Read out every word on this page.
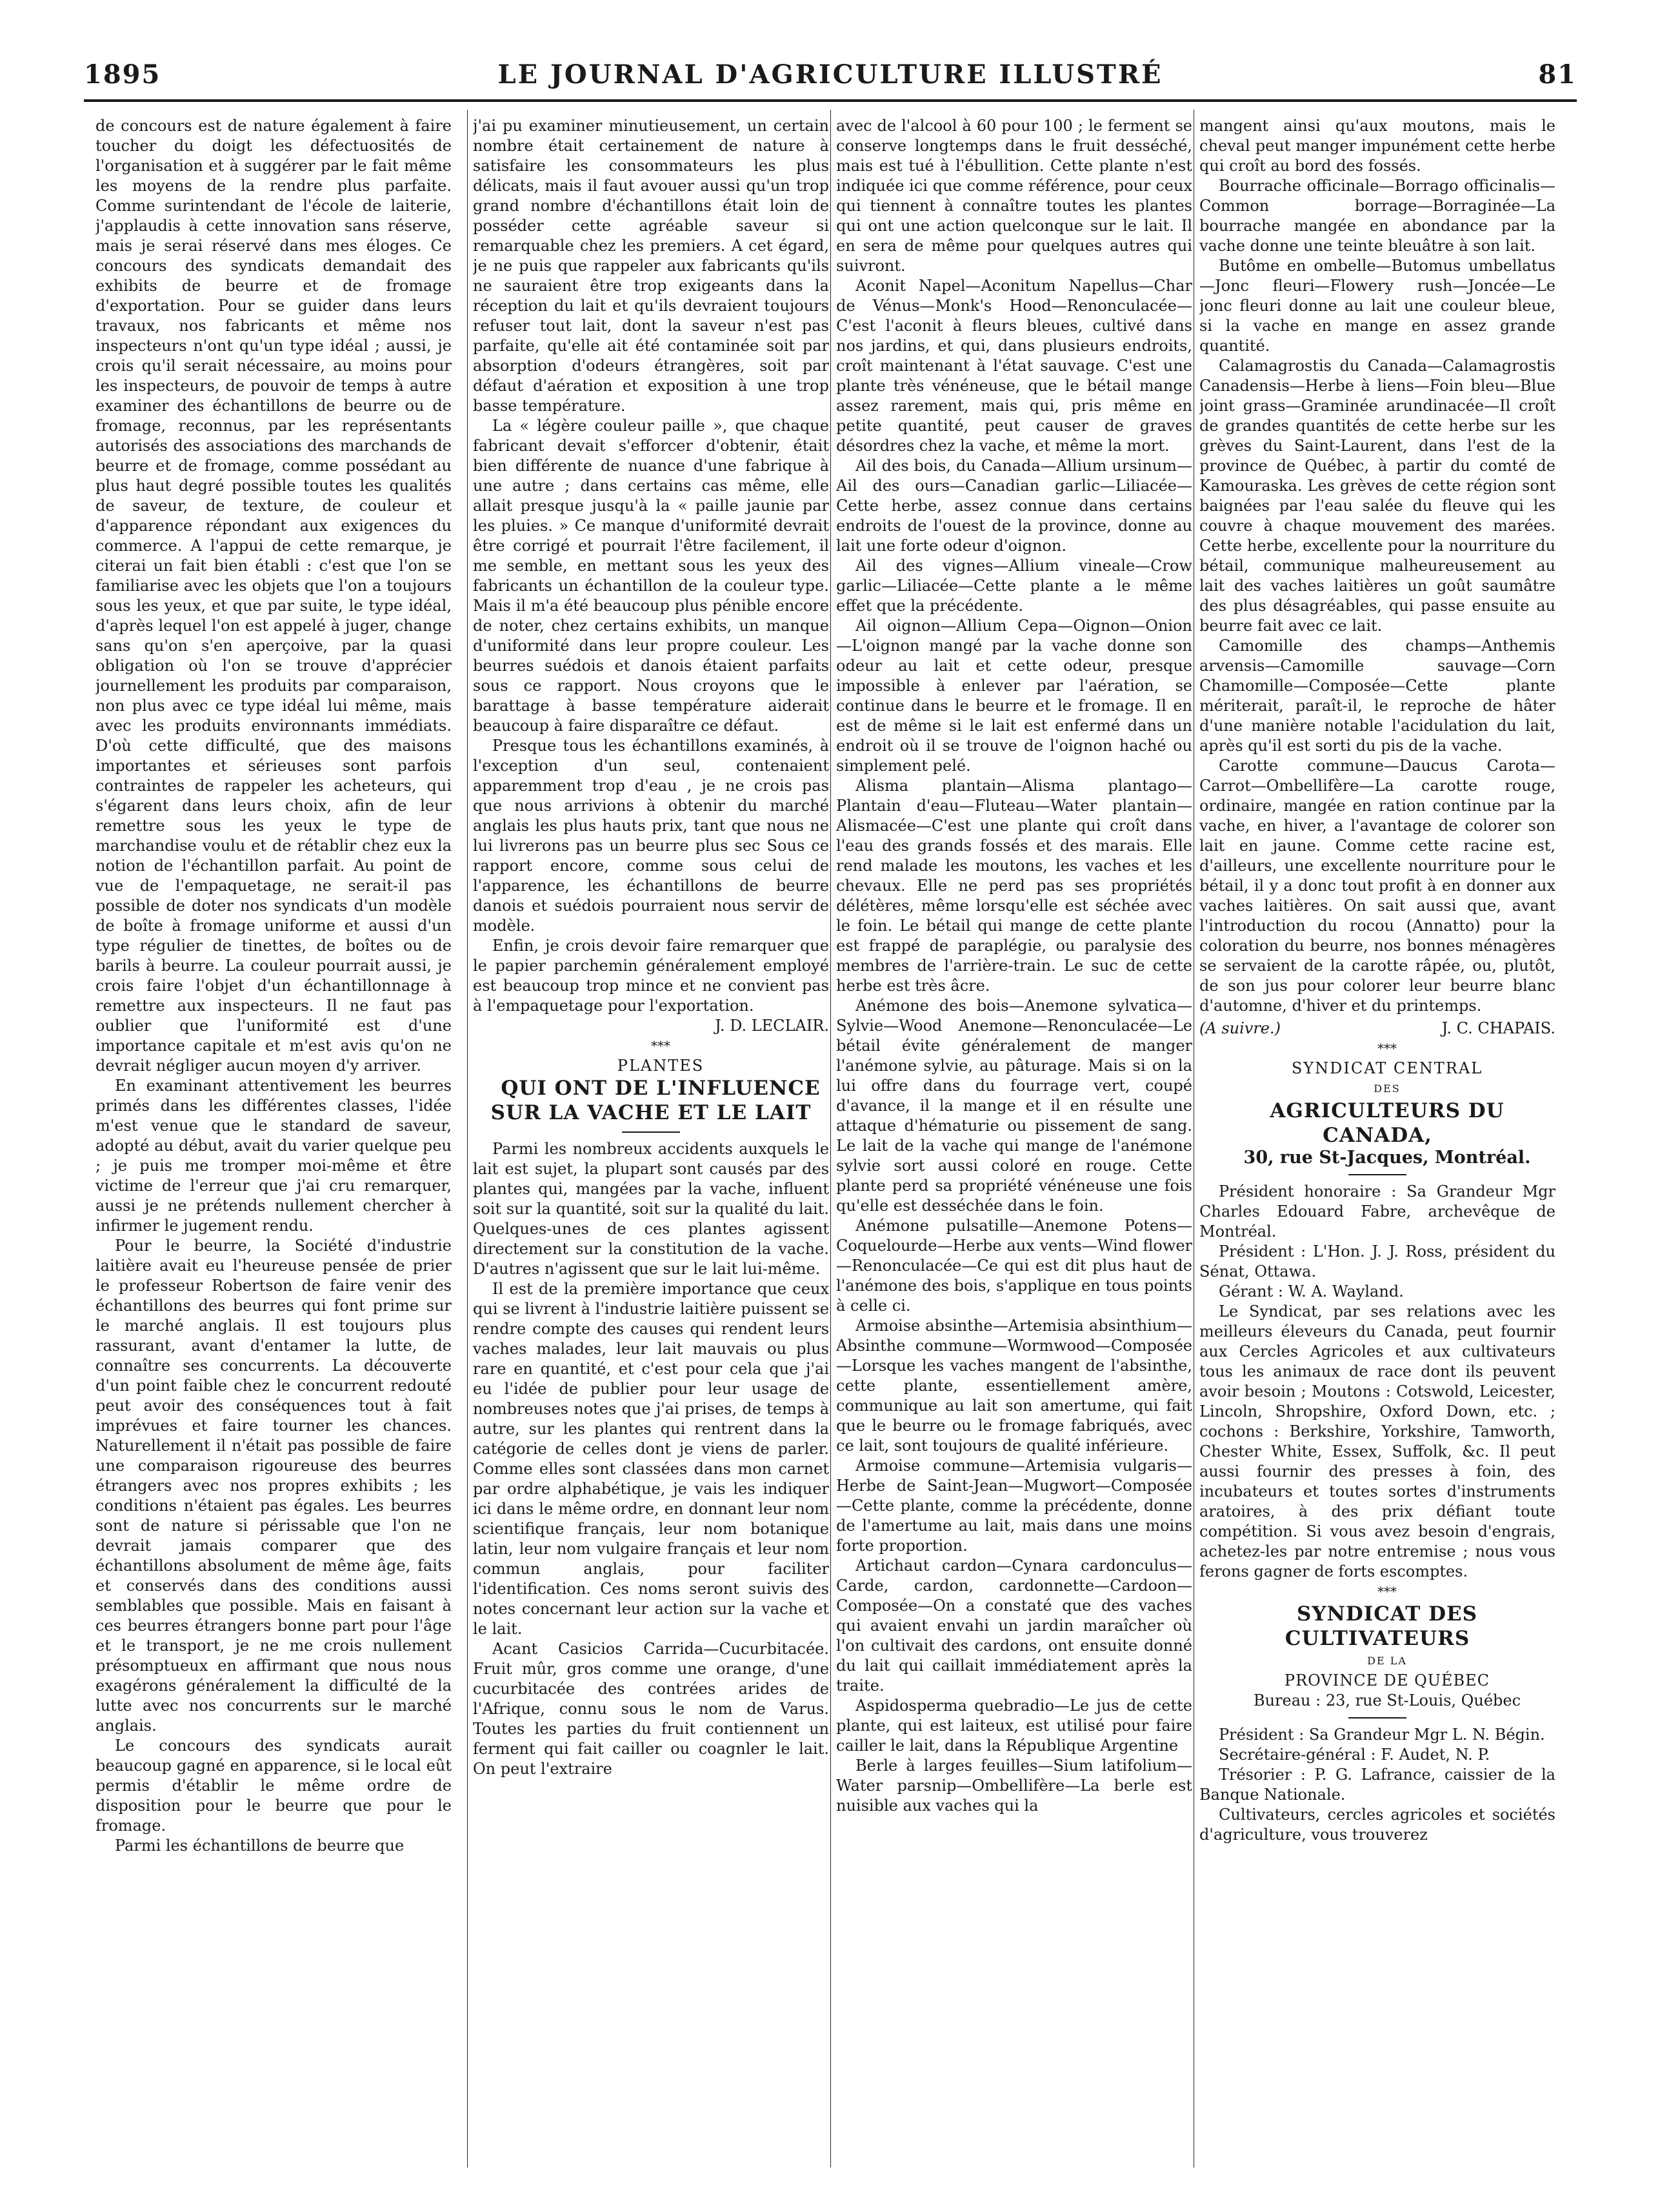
1895	LE JOURNAL D'AGRICULTURE ILLUSTRÉ	81

de concours est de nature également à faire toucher du doigt les défectuosités de l'organisation et à suggérer par le fait même les moyens de la rendre plus parfaite. Comme surintendant de l'école de laiterie, j'applaudis à cette innovation sans réserve, mais je serai réservé dans mes éloges. Ce concours des syndicats demandait des exhibits de beurre et de fromage d'exportation. Pour se guider dans leurs travaux, nos fabricants et même nos inspecteurs n'ont qu'un type idéal ; aussi, je crois qu'il serait nécessaire, au moins pour les inspecteurs, de pouvoir de temps à autre examiner des échantillons de beurre ou de fromage, reconnus, par les représentants autorisés des associations des marchands de beurre et de fromage, comme possédant au plus haut degré possible toutes les qualités de saveur, de texture, de couleur et d'apparence répondant aux exigences du commerce. A l'appui de cette remarque, je citerai un fait bien établi : c'est que l'on se familiarise avec les objets que l'on a toujours sous les yeux, et que par suite, le type idéal, d'après lequel l'on est appelé à juger, change sans qu'on s'en aperçoive, par la quasi obligation où l'on se trouve d'apprécier journellement les produits par comparaison, non plus avec ce type idéal lui même, mais avec les produits environnants immédiats. D'où cette difficulté, que des maisons importantes et sérieuses sont parfois contraintes de rappeler les acheteurs, qui s'égarent dans leurs choix, afin de leur remettre sous les yeux le type de marchandise voulu et de rétablir chez eux la notion de l'échantillon parfait. Au point de vue de l'empaquetage, ne serait-il pas possible de doter nos syndicats d'un modèle de boîte à fromage uniforme et aussi d'un type régulier de tinettes, de boîtes ou de barils à beurre. La couleur pourrait aussi, je crois faire l'objet d'un échantillonnage à remettre aux inspecteurs. Il ne faut pas oublier que l'uniformité est d'une importance capitale et m'est avis qu'on ne devrait négliger aucun moyen d'y arriver.

En examinant attentivement les beurres primés dans les différentes classes, l'idée m'est venue que le standard de saveur, adopté au début, avait du varier quelque peu ; je puis me tromper moi-même et être victime de l'erreur que j'ai cru remarquer, aussi je ne prétends nullement chercher à infirmer le jugement rendu.

Pour le beurre, la Société d'industrie laitière avait eu l'heureuse pensée de prier le professeur Robertson de faire venir des échantillons des beurres qui font prime sur le marché anglais. Il est toujours plus rassurant, avant d'entamer la lutte, de connaître ses concurrents. La découverte d'un point faible chez le concurrent redouté peut avoir des conséquences tout à fait imprévues et faire tourner les chances. Naturellement il n'était pas possible de faire une comparaison rigoureuse des beurres étrangers avec nos propres exhibits ; les conditions n'étaient pas égales. Les beurres sont de nature si périssable que l'on ne devrait jamais comparer que des échantillons absolument de même âge, faits et conservés dans des conditions aussi semblables que possible. Mais en faisant à ces beurres étrangers bonne part pour l'âge et le transport, je ne me crois nullement présomptueux en affirmant que nous nous exagérons généralement la difficulté de la lutte avec nos concurrents sur le marché anglais.

Le concours des syndicats aurait beaucoup gagné en apparence, si le local eût permis d'établir le même ordre de disposition pour le beurre que pour le fromage.

Parmi les échantillons de beurre que

j'ai pu examiner minutieusement, un certain nombre était certainement de nature à satisfaire les consommateurs les plus délicats, mais il faut avouer aussi qu'un trop grand nombre d'échantillons était loin de posséder cette agréable saveur si remarquable chez les premiers. A cet égard, je ne puis que rappeler aux fabricants qu'ils ne sauraient être trop exigeants dans la réception du lait et qu'ils devraient toujours refuser tout lait, dont la saveur n'est pas parfaite, qu'elle ait été contaminée soit par absorption d'odeurs étrangères, soit par défaut d'aération et exposition à une trop basse température.

La « légère couleur paille », que chaque fabricant devait s'efforcer d'obtenir, était bien différente de nuance d'une fabrique à une autre ; dans certains cas même, elle allait presque jusqu'à la « paille jaunie par les pluies. » Ce manque d'uniformité devrait être corrigé et pourrait l'être facilement, il me semble, en mettant sous les yeux des fabricants un échantillon de la couleur type. Mais il m'a été beaucoup plus pénible encore de noter, chez certains exhibits, un manque d'uniformité dans leur propre couleur. Les beurres suédois et danois étaient parfaits sous ce rapport. Nous croyons que le barattage à basse température aiderait beaucoup à faire disparaître ce défaut.

Presque tous les échantillons examinés, à l'exception d'un seul, contenaient apparemment trop d'eau , je ne crois pas que nous arrivions à obtenir du marché anglais les plus hauts prix, tant que nous ne lui livrerons pas un beurre plus sec Sous ce rapport encore, comme sous celui de l'apparence, les échantillons de beurre danois et suédois pourraient nous servir de modèle.

Enfin, je crois devoir faire remarquer que le papier parchemin généralement employé est beaucoup trop mince et ne convient pas à l'empaquetage pour l'exportation.

J. D. LECLAIR.

***

PLANTES

QUI ONT DE L'INFLUENCE SUR LA VACHE ET LE LAIT

Parmi les nombreux accidents auxquels le lait est sujet, la plupart sont causés par des plantes qui, mangées par la vache, influent soit sur la quantité, soit sur la qualité du lait. Quelques-unes de ces plantes agissent directement sur la constitution de la vache. D'autres n'agissent que sur le lait lui-même.

Il est de la première importance que ceux qui se livrent à l'industrie laitière puissent se rendre compte des causes qui rendent leurs vaches malades, leur lait mauvais ou plus rare en quantité, et c'est pour cela que j'ai eu l'idée de publier pour leur usage de nombreuses notes que j'ai prises, de temps à autre, sur les plantes qui rentrent dans la catégorie de celles dont je viens de parler. Comme elles sont classées dans mon carnet par ordre alphabétique, je vais les indiquer ici dans le même ordre, en donnant leur nom scientifique français, leur nom botanique latin, leur nom vulgaire français et leur nom commun anglais, pour faciliter l'identification. Ces noms seront suivis des notes concernant leur action sur la vache et le lait.

Acant Casicios Carrida—Cucurbitacée. Fruit mûr, gros comme une orange, d'une cucurbitacée des contrées arides de l'Afrique, connu sous le nom de Varus. Toutes les parties du fruit contiennent un ferment qui fait cailler ou coagnler le lait. On peut l'extraire

avec de l'alcool à 60 pour 100 ; le ferment se conserve longtemps dans le fruit desséché, mais est tué à l'ébullition. Cette plante n'est indiquée ici que comme référence, pour ceux qui tiennent à connaître toutes les plantes qui ont une action quelconque sur le lait. Il en sera de même pour quelques autres qui suivront.

Aconit Napel—Aconitum Napellus—Char de Vénus—Monk's Hood—Renonculacée—C'est l'aconit à fleurs bleues, cultivé dans nos jardins, et qui, dans plusieurs endroits, croît maintenant à l'état sauvage. C'est une plante très vénéneuse, que le bétail mange assez rarement, mais qui, pris même en petite quantité, peut causer de graves désordres chez la vache, et même la mort.

Ail des bois, du Canada—Allium ursinum—Ail des ours—Canadian garlic—Liliacée—Cette herbe, assez connue dans certains endroits de l'ouest de la province, donne au lait une forte odeur d'oignon.

Ail des vignes—Allium vineale—Crow garlic—Liliacée—Cette plante a le même effet que la précédente.

Ail oignon—Allium Cepa—Oignon—Onion—L'oignon mangé par la vache donne son odeur au lait et cette odeur, presque impossible à enlever par l'aération, se continue dans le beurre et le fromage. Il en est de même si le lait est enfermé dans un endroit où il se trouve de l'oignon haché ou simplement pelé.

Alisma plantain—Alisma plantago—Plantain d'eau—Fluteau—Water plantain—Alismacée—C'est une plante qui croît dans l'eau des grands fossés et des marais. Elle rend malade les moutons, les vaches et les chevaux. Elle ne perd pas ses propriétés délétères, même lorsqu'elle est séchée avec le foin. Le bétail qui mange de cette plante est frappé de paraplégie, ou paralysie des membres de l'arrière-train. Le suc de cette herbe est très âcre.

Anémone des bois—Anemone sylvatica—Sylvie—Wood Anemone—Renonculacée—Le bétail évite généralement de manger l'anémone sylvie, au pâturage. Mais si on la lui offre dans du fourrage vert, coupé d'avance, il la mange et il en résulte une attaque d'hématurie ou pissement de sang. Le lait de la vache qui mange de l'anémone sylvie sort aussi coloré en rouge. Cette plante perd sa propriété vénéneuse une fois qu'elle est desséchée dans le foin.

Anémone pulsatille—Anemone Potens—Coquelourde—Herbe aux vents—Wind flower—Renonculacée—Ce qui est dit plus haut de l'anémone des bois, s'applique en tous points à celle ci.

Armoise absinthe—Artemisia absinthium—Absinthe commune—Wormwood—Composée—Lorsque les vaches mangent de l'absinthe, cette plante, essentiellement amère, communique au lait son amertume, qui fait que le beurre ou le fromage fabriqués, avec ce lait, sont toujours de qualité inférieure.

Armoise commune—Artemisia vulgaris—Herbe de Saint-Jean—Mugwort—Composée—Cette plante, comme la précédente, donne de l'amertume au lait, mais dans une moins forte proportion.

Artichaut cardon—Cynara cardonculus—Carde, cardon, cardonnette—Cardoon—Composée—On a constaté que des vaches qui avaient envahi un jardin maraîcher où l'on cultivait des cardons, ont ensuite donné du lait qui caillait immédiatement après la traite.

Aspidosperma quebradio—Le jus de cette plante, qui est laiteux, est utilisé pour faire cailler le lait, dans la République Argentine

Berle à larges feuilles—Sium latifolium—Water parsnip—Ombellifère—La berle est nuisible aux vaches qui la

mangent ainsi qu'aux moutons, mais le cheval peut manger impunément cette herbe qui croît au bord des fossés.

Bourrache officinale—Borrago officinalis—Common borrage—Borraginée—La bourrache mangée en abondance par la vache donne une teinte bleuâtre à son lait.

Butôme en ombelle—Butomus umbellatus—Jonc fleuri—Flowery rush—Joncée—Le jonc fleuri donne au lait une couleur bleue, si la vache en mange en assez grande quantité.

Calamagrostis du Canada—Calamagrostis Canadensis—Herbe à liens—Foin bleu—Blue joint grass—Graminée arundinacée—Il croît de grandes quantités de cette herbe sur les grèves du Saint-Laurent, dans l'est de la province de Québec, à partir du comté de Kamouraska. Les grèves de cette région sont baignées par l'eau salée du fleuve qui les couvre à chaque mouvement des marées. Cette herbe, excellente pour la nourriture du bétail, communique malheureusement au lait des vaches laitières un goût saumâtre des plus désagréables, qui passe ensuite au beurre fait avec ce lait.

Camomille des champs—Anthemis arvensis—Camomille sauvage—Corn Chamomille—Composée—Cette plante mériterait, paraît-il, le reproche de hâter d'une manière notable l'acidulation du lait, après qu'il est sorti du pis de la vache.

Carotte commune—Daucus Carota—Carrot—Ombellifère—La carotte rouge, ordinaire, mangée en ration continue par la vache, en hiver, a l'avantage de colorer son lait en jaune. Comme cette racine est, d'ailleurs, une excellente nourriture pour le bétail, il y a donc tout profit à en donner aux vaches laitières. On sait aussi que, avant l'introduction du rocou (Annatto) pour la coloration du beurre, nos bonnes ménagères se servaient de la carotte râpée, ou, plutôt, de son jus pour colorer leur beurre blanc d'automne, d'hiver et du printemps.

(A suivre.)	J. C. CHAPAIS.

***

SYNDICAT CENTRAL

DES

AGRICULTEURS DU CANADA,

30, rue St-Jacques, Montréal.

Président honoraire : Sa Grandeur Mgr Charles Edouard Fabre, archevêque de Montréal.

Président : L'Hon. J. J. Ross, président du Sénat, Ottawa.

Gérant : W. A. Wayland.

Le Syndicat, par ses relations avec les meilleurs éleveurs du Canada, peut fournir aux Cercles Agricoles et aux cultivateurs tous les animaux de race dont ils peuvent avoir besoin ; Moutons : Cotswold, Leicester, Lincoln, Shropshire, Oxford Down, etc. ; cochons : Berkshire, Yorkshire, Tamworth, Chester White, Essex, Suffolk, &c. Il peut aussi fournir des presses à foin, des incubateurs et toutes sortes d'instruments aratoires, à des prix défiant toute compétition. Si vous avez besoin d'engrais, achetez-les par notre entremise ; nous vous ferons gagner de forts escomptes.

***

SYNDICAT DES CULTIVATEURS

DE LA

PROVINCE DE QUÉBEC

Bureau : 23, rue St-Louis, Québec

Président : Sa Grandeur Mgr L. N. Bégin.

Secrétaire-général : F. Audet, N. P.

Trésorier : P. G. Lafrance, caissier de la Banque Nationale.

Cultivateurs, cercles agricoles et sociétés d'agriculture, vous trouverez
